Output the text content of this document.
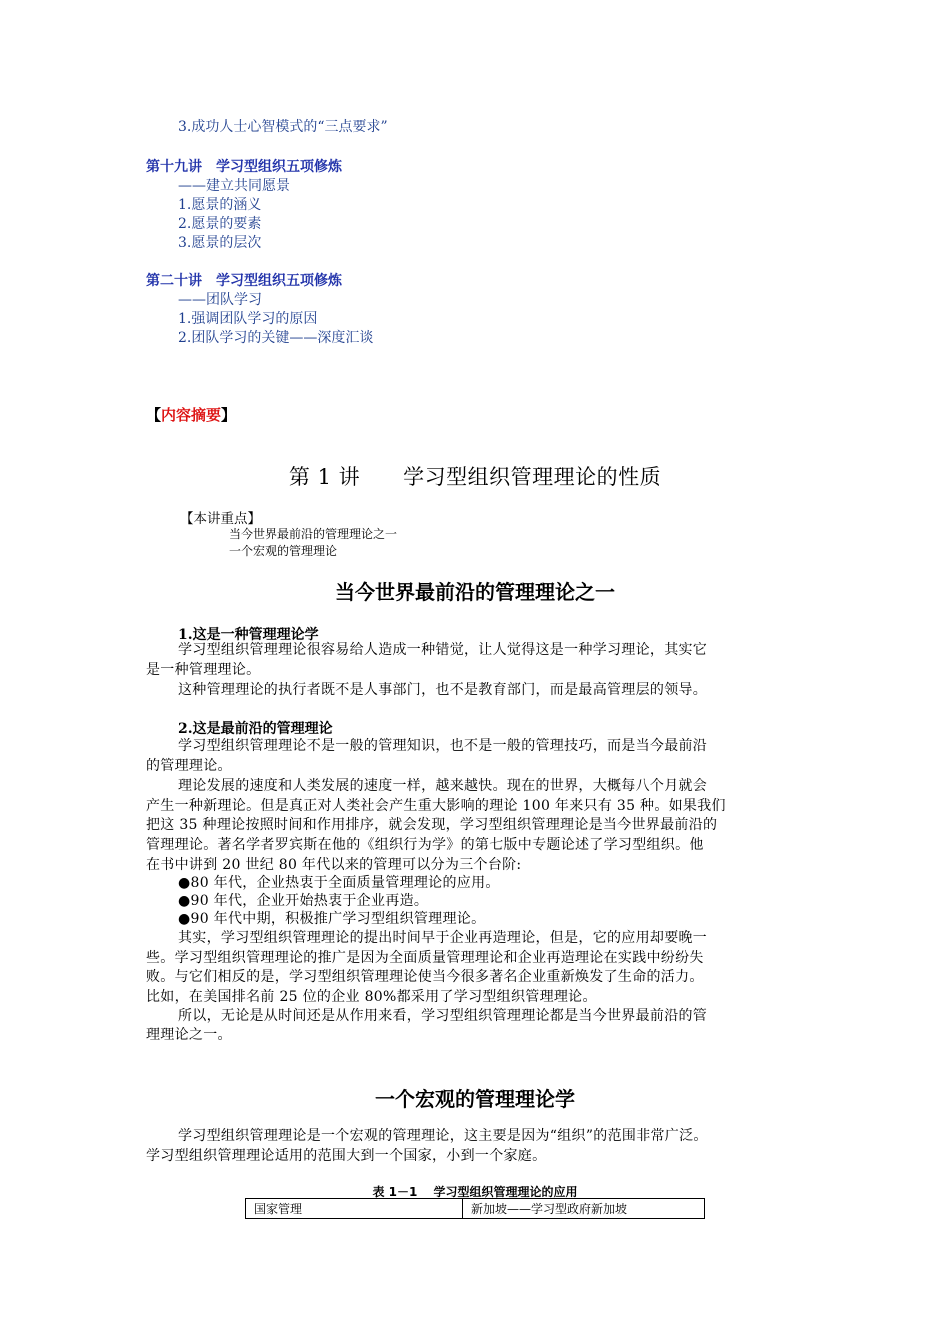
3.成功人士心智模式的“三点要求”
第十九讲　学习型组织五项修炼
——建立共同愿景
1.愿景的涵义
2.愿景的要素
3.愿景的层次
第二十讲　学习型组织五项修炼
——团队学习
1.强调团队学习的原因
2.团队学习的关键——深度汇谈
【内容摘要】
第 1 讲　　学习型组织管理理论的性质
【本讲重点】
当今世界最前沿的管理理论之一
一个宏观的管理理论
当今世界最前沿的管理理论之一
1.这是一种管理理论学
学习型组织管理理论很容易给人造成一种错觉，让人觉得这是一种学习理论，其实它
是一种管理理论。
这种管理理论的执行者既不是人事部门，也不是教育部门，而是最高管理层的领导。
2.这是最前沿的管理理论
学习型组织管理理论不是一般的管理知识，也不是一般的管理技巧，而是当今最前沿
的管理理论。
理论发展的速度和人类发展的速度一样，越来越快。现在的世界，大概每八个月就会
产生一种新理论。但是真正对人类社会产生重大影响的理论 100 年来只有 35 种。如果我们
把这 35 种理论按照时间和作用排序，就会发现，学习型组织管理理论是当今世界最前沿的
管理理论。著名学者罗宾斯在他的《组织行为学》的第七版中专题论述了学习型组织。他
在书中讲到 20 世纪 80 年代以来的管理可以分为三个台阶:
●80 年代，企业热衷于全面质量管理理论的应用。
●90 年代，企业开始热衷于企业再造。
●90 年代中期，积极推广学习型组织管理理论。
其实，学习型组织管理理论的提出时间早于企业再造理论，但是，它的应用却要晚一
些。学习型组织管理理论的推广是因为全面质量管理理论和企业再造理论在实践中纷纷失
败。与它们相反的是，学习型组织管理理论使当今很多著名企业重新焕发了生命的活力。
比如，在美国排名前 25 位的企业 80%都采用了学习型组织管理理论。
所以，无论是从时间还是从作用来看，学习型组织管理理论都是当今世界最前沿的管
理理论之一。
一个宏观的管理理论学
学习型组织管理理论是一个宏观的管理理论，这主要是因为“组织”的范围非常广泛。
学习型组织管理理论适用的范围大到一个国家，小到一个家庭。
表 1－1　 学习型组织管理理论的应用
国家管理	新加坡——学习型政府新加坡
